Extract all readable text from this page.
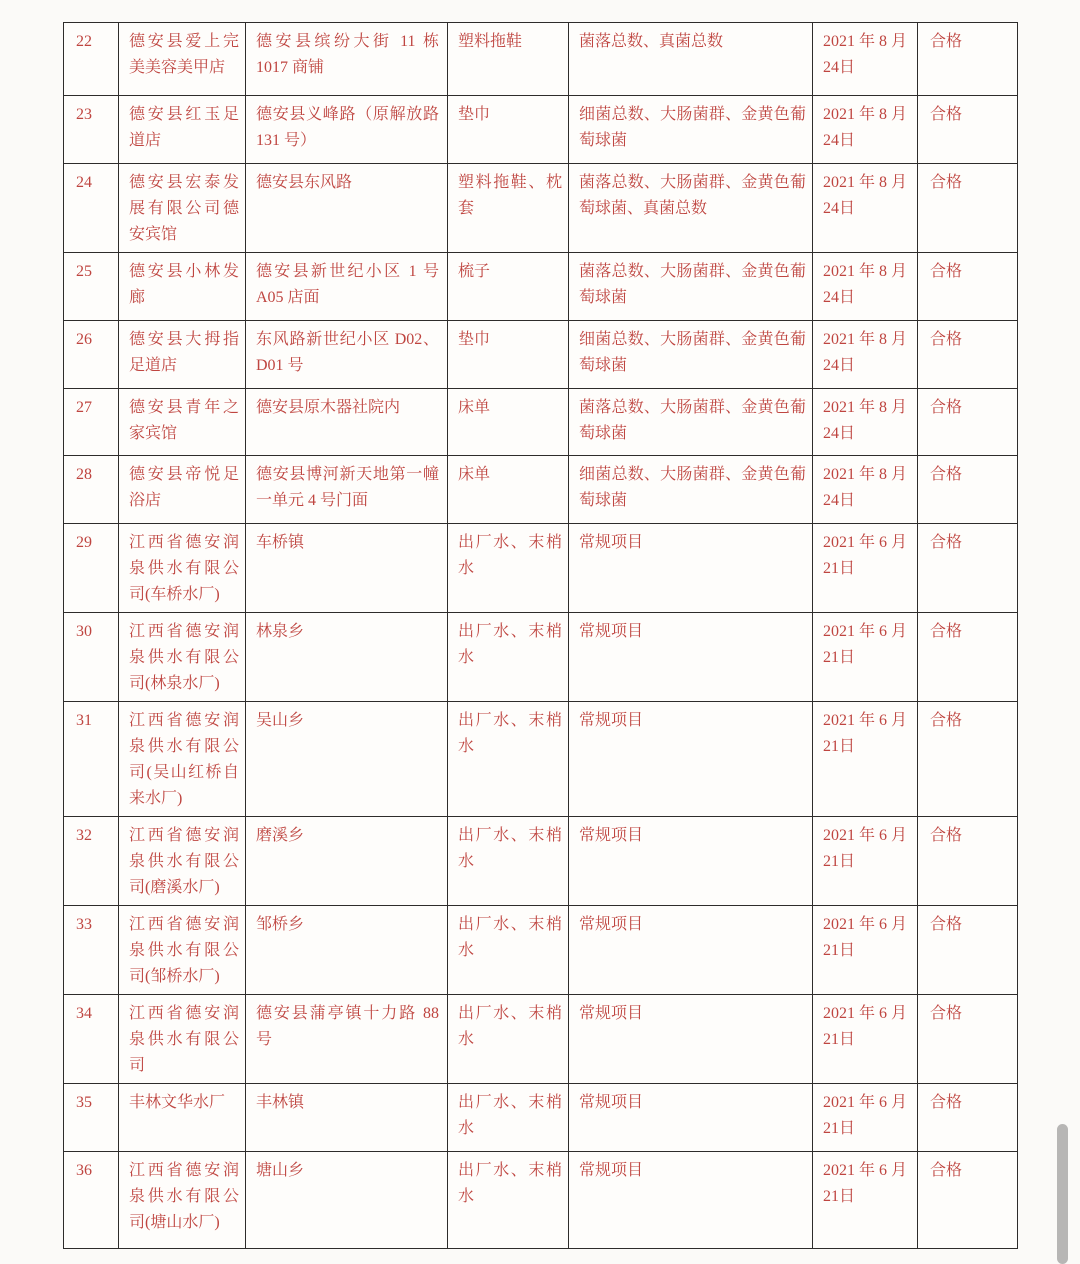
22	德安县爱上完美美容美甲店	德安县缤纷大街 11 栋 1017 商铺	塑料拖鞋	菌落总数、真菌总数	2021年8月24日	合格
23	德安县红玉足道店	德安县义峰路（原解放路 131 号）	垫巾	细菌总数、大肠菌群、金黄色葡萄球菌	2021年8月24日	合格
24	德安县宏泰发展有限公司德安宾馆	德安县东风路	塑料拖鞋、枕套	菌落总数、大肠菌群、金黄色葡萄球菌、真菌总数	2021年8月24日	合格
25	德安县小林发廊	德安县新世纪小区 1 号 A05 店面	梳子	菌落总数、大肠菌群、金黄色葡萄球菌	2021年8月24日	合格
26	德安县大拇指足道店	东风路新世纪小区 D02、D01 号	垫巾	细菌总数、大肠菌群、金黄色葡萄球菌	2021年8月24日	合格
27	德安县青年之家宾馆	德安县原木器社院内	床单	菌落总数、大肠菌群、金黄色葡萄球菌	2021年8月24日	合格
28	德安县帝悦足浴店	德安县博河新天地第一幢一单元 4 号门面	床单	细菌总数、大肠菌群、金黄色葡萄球菌	2021年8月24日	合格
29	江西省德安润泉供水有限公司(车桥水厂)	车桥镇	出厂水、末梢水	常规项目	2021年6月21日	合格
30	江西省德安润泉供水有限公司(林泉水厂)	林泉乡	出厂水、末梢水	常规项目	2021年6月21日	合格
31	江西省德安润泉供水有限公司(吴山红桥自来水厂)	吴山乡	出厂水、末梢水	常规项目	2021年6月21日	合格
32	江西省德安润泉供水有限公司(磨溪水厂)	磨溪乡	出厂水、末梢水	常规项目	2021年6月21日	合格
33	江西省德安润泉供水有限公司(邹桥水厂)	邹桥乡	出厂水、末梢水	常规项目	2021年6月21日	合格
34	江西省德安润泉供水有限公司	德安县蒲亭镇十力路 88 号	出厂水、末梢水	常规项目	2021年6月21日	合格
35	丰林文华水厂	丰林镇	出厂水、末梢水	常规项目	2021年6月21日	合格
36	江西省德安润泉供水有限公司(塘山水厂)	塘山乡	出厂水、末梢水	常规项目	2021年6月21日	合格
